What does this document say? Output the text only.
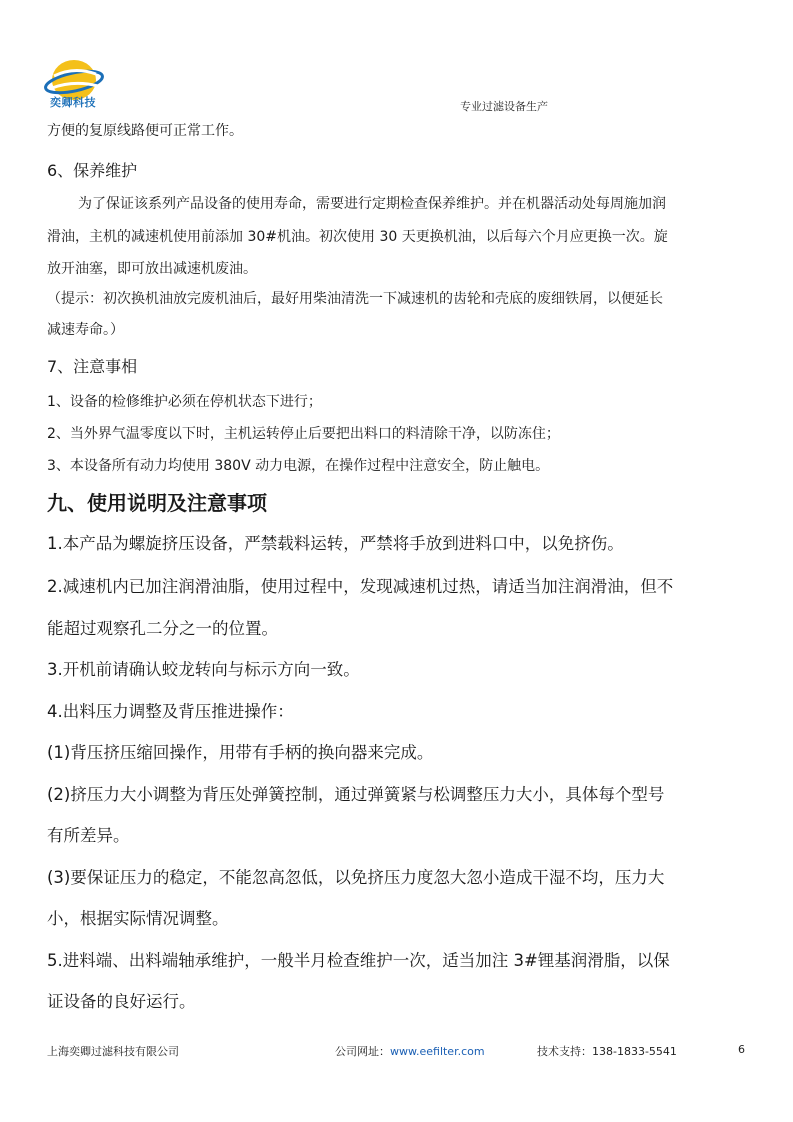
奕卿科技	专业过滤设备生产
方便的复原线路便可正常工作。
6、保养维护
为了保证该系列产品设备的使用寿命，需要进行定期检查保养维护。并在机器活动处每周施加润
滑油，主机的减速机使用前添加 30#机油。初次使用 30 天更换机油，以后每六个月应更换一次。旋
放开油塞，即可放出减速机废油。
（提示：初次换机油放完废机油后，最好用柴油清洗一下减速机的齿轮和壳底的废细铁屑，以便延长
减速寿命。）
7、注意事相
1、设备的检修维护必须在停机状态下进行；
2、当外界气温零度以下时，主机运转停止后要把出料口的料清除干净，以防冻住；
3、本设备所有动力均使用 380V 动力电源，在操作过程中注意安全，防止触电。
九、使用说明及注意事项
1.本产品为螺旋挤压设备，严禁载料运转，严禁将手放到进料口中，以免挤伤。
2.减速机内已加注润滑油脂，使用过程中，发现减速机过热，请适当加注润滑油，但不
能超过观察孔二分之一的位置。
3.开机前请确认蛟龙转向与标示方向一致。
4.出料压力调整及背压推进操作：
(1)背压挤压缩回操作，用带有手柄的换向器来完成。
(2)挤压力大小调整为背压处弹簧控制，通过弹簧紧与松调整压力大小，具体每个型号
有所差异。
(3)要保证压力的稳定，不能忽高忽低，以免挤压力度忽大忽小造成干湿不均，压力大
小，根据实际情况调整。
5.进料端、出料端轴承维护，一般半月检查维护一次，适当加注 3#锂基润滑脂，以保
证设备的良好运行。
上海奕卿过滤科技有限公司	公司网址：www.eefilter.com	技术支持：138-1833-5541	6
